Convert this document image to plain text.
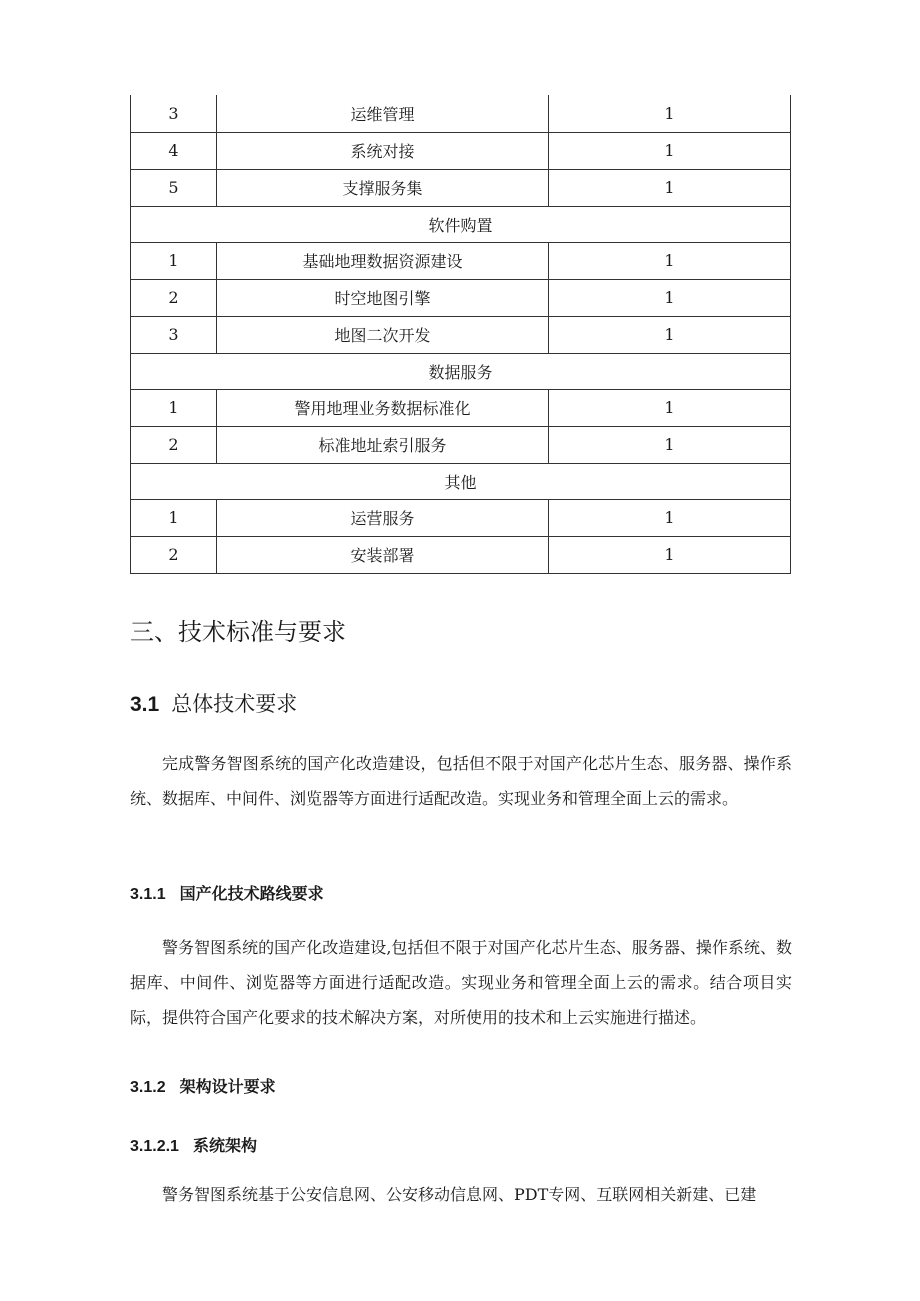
3	运维管理	1
4	系统对接	1
5	支撑服务集	1
软件购置		
1	基础地理数据资源建设	1
2	时空地图引擎	1
3	地图二次开发	1
数据服务		
1	警用地理业务数据标准化	1
2	标准地址索引服务	1
其他		
1	运营服务	1
2	安装部署	1
三、技术标准与要求
3.1 总体技术要求

完成警务智图系统的国产化改造建设，包括但不限于对国产化芯片生态、服务器、操作系统、数据库、中间件、浏览器等方面进行适配改造。实现业务和管理全面上云的需求。

3.1.1 国产化技术路线要求

警务智图系统的国产化改造建设,包括但不限于对国产化芯片生态、服务器、操作系统、数据库、中间件、浏览器等方面进行适配改造。实现业务和管理全面上云的需求。结合项目实际，提供符合国产化要求的技术解决方案，对所使用的技术和上云实施进行描述。

3.1.2 架构设计要求
3.1.2.1 系统架构

警务智图系统基于公安信息网、公安移动信息网、PDT专网、互联网相关新建、已建
